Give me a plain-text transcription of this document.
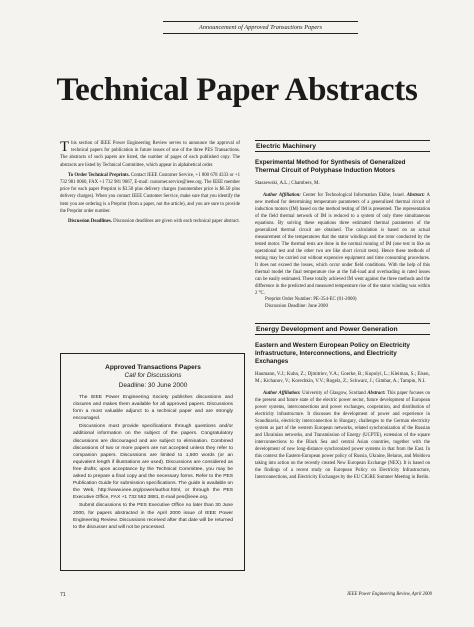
Announcement of Approved Transactions Papers
Technical Paper Abstracts

This section of IEEE Power Engineering Review serves to announce the approval of technical papers for publication in future issues of one of the three PES Transactions. The abstracts of such papers are listed, the number of pages of each published copy. The abstracts are listed by Technical Committee, which appear in alphabetical order.

To Order Technical Preprints. Contact IEEE Customer Service, +1 800 678 4333 or +1 732 981 0060, FAX +1 732 981 9667, E-mail: customer.service@ieee.org. The IEEE member price for each paper Preprint is $3.50 plus delivery charges (nonmember price is $6.50 plus delivery charges). When you contact IEEE Customer Service, make sure that you identify the item you are ordering is a Preprint (from a paper, not the article), and you are sure to provide the Preprint order number.

Discussion Deadlines. Discussion deadlines are given with each technical paper abstract.

Approved Transactions Papers
Call for Discussions
Deadline: 30 June 2000

The IEEE Power Engineering Society publishes discussions and closures and makes them available for all approved papers. Discussions form a most valuable adjunct to a technical paper and are strongly encouraged.

Discussions must provide specifications through questions and/or additional information on the subject of the papers. Congratulatory discussions are discouraged and are subject to elimination. Combined discussions of two or more papers are not accepted unless they refer to companion papers. Discussions are limited to 1,500 words (or an equivalent length if illustrations are used). Discussions are considered as free drafts; upon acceptance by the Technical Committee, you may be asked to prepare a final copy and the necessary forms. Refer to the PES Publication Guide for submission specifications. The guide is available on the Web, http://www.ieee.org/power/author.html, or through the PES Executive Office, FAX +1 732 562 3881, E-mail pes@ieee.org.

Submit discussions to the PES Executive Office no later than 30 June 2000, for papers abstracted in the April 2000 issue of IEEE Power Engineering Review. Discussions received after that date will be returned to the discusser and will not be processed.

Electric Machinery
Experimental Method for Synthesis of Generalized Thermal Circuit of Polyphase Induction Motors
Staszewski, A.L.; Chambers, M.

Author Affiliation: Center for Technological Information Ekibe, Israel. Abstract: A new method for determining temperature parameters of a generalized thermal circuit of induction motors (IM) based on the method testing of IM is presented. The representation of the field thermal network of IM is reduced to a system of only three simultaneous equations. By solving these equations three estimated thermal parameters of the generalized thermal circuit are obtained. The calculation is based on an actual measurement of the temperatures that the stator windings and the rotor conducted by the tested motor. The thermal tests are done in the normal running of IM (one test in like an operational test and the other two are like short circuit tests). Hence these methods of testing may be carried out without expensive equipment and time consuming procedures. It does not exceed the losses, which occur under field conditions. With the help of this thermal model the final temperature rise at the full-load and overloading in rated losses can be easily estimated. These totally achieved IM went against the three methods and the difference in the predicted and measured temperature rise of the stator winding was within 2 °C.

Preprint Order Number: PE-354-EC (01-2000)
Discussion Deadline: June 2000
Energy Development and Power Generation
Eastern and Western European Policy on Electricity Infrastructure, Interconnections, and Electricity Exchanges
Haumann, V.J.; Kuhn, Z.; Djmitriev, V.A.; Goerke, B.; Kopolyi, L.; Kleiman, S.; Elsen, M.; Kichanov, V.; Korechkin, V.V.; Rogelz, Z.; Schwarz, J.; Gimbar, A.; Tampin, N.I.

Author Affiliation: University of Glasgow, Scotland Abstract: This paper focuses on the present and future state of the electric power sector, future development of European power systems, interconnections and power exchanges, cooperation, and distribution of electricity infrastructure. It discusses the development of power and experience in Scandinavia, electricity interconnection in Hungary, challenges to the German electricity system as part of the western European networks, related synchronization of the Russian and Ukrainian networks, and Transmission of Energy (UCPTE), extension of the square interconnections to the Black Sea and central Asian countries, together with the development of new long-distance synchronized power systems in that from the East. In this context the Eastern-European power policy of Russia, Ukraine, Belarus, and Moldova taking into action on the recently created New European Exchange (NEX). It is based on the findings of a recent study on European Policy on Electricity Infrastructure, Interconnections, and Electricity Exchanges by the EU CIGRE Summer Meeting in Berlin.

71	IEEE Power Engineering Review, April 2000
